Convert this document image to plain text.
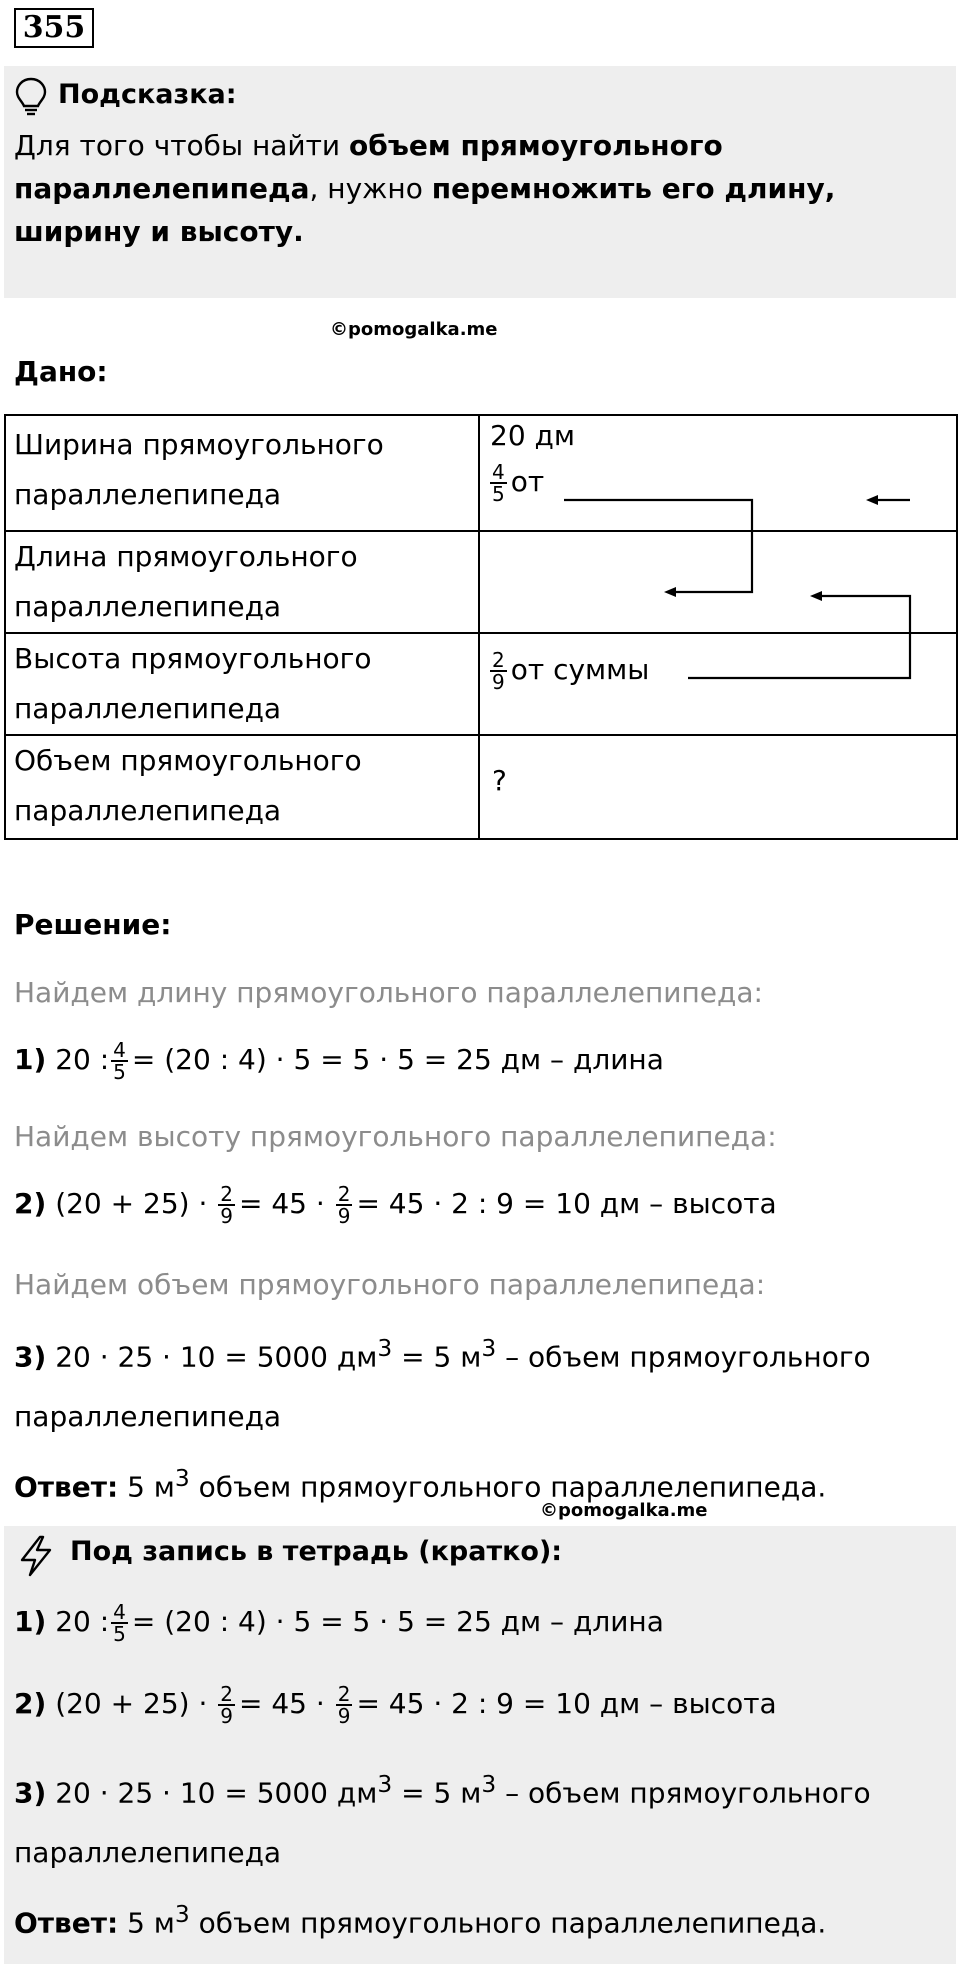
355
Подсказка:
Для того чтобы найти объем прямоугольного параллелепипеда, нужно перемножить его длину, ширину и высоту.
©pomogalka.me
Дано:
Ширина прямоугольного
параллелепипеда
20 дм
$\frac{4}{5}$ от
Длина прямоугольного
параллелепипеда
Высота прямоугольного
параллелепипеда
$\frac{2}{9}$ от суммы
Объем прямоугольного
параллелепипеда
?
Решение:
Найдем длину прямоугольного параллелепипеда:
1) 20 : $\frac{4}{5} = (20$ : 4) · 5 = 5 · 5 = 25 дм – длина
Найдем высоту прямоугольного параллелепипеда:
2) $(20 + 25) \cdot \frac{2}{9} = 45 \cdot \frac{2}{9} = 45 \cdot 2$ : 9 = 10 дм – высота
Найдем объем прямоугольного параллелепипеда:
3) 20 · 25 · 10 = 5000 $дм^3 = 5$ $м^3$ – объем прямоугольного
параллелепипеда
Ответ: 5 $м^3$ объем прямоугольного параллелепипеда.
©pomogalka.me
Под запись в тетрадь (кратко):
1) 20 : $\frac{4}{5} = (20$ : 4) · 5 = 5 · 5 = 25 дм – длина
2) $(20 + 25) \cdot \frac{2}{9} = 45 \cdot \frac{2}{9} = 45 \cdot 2$ : 9 = 10 дм – высота
3) 20 · 25 · 10 = 5000 $дм^3 = 5$ $м^3$ – объем прямоугольного
параллелепипеда
Ответ: 5 $м^3$ объем прямоугольного параллелепипеда.
